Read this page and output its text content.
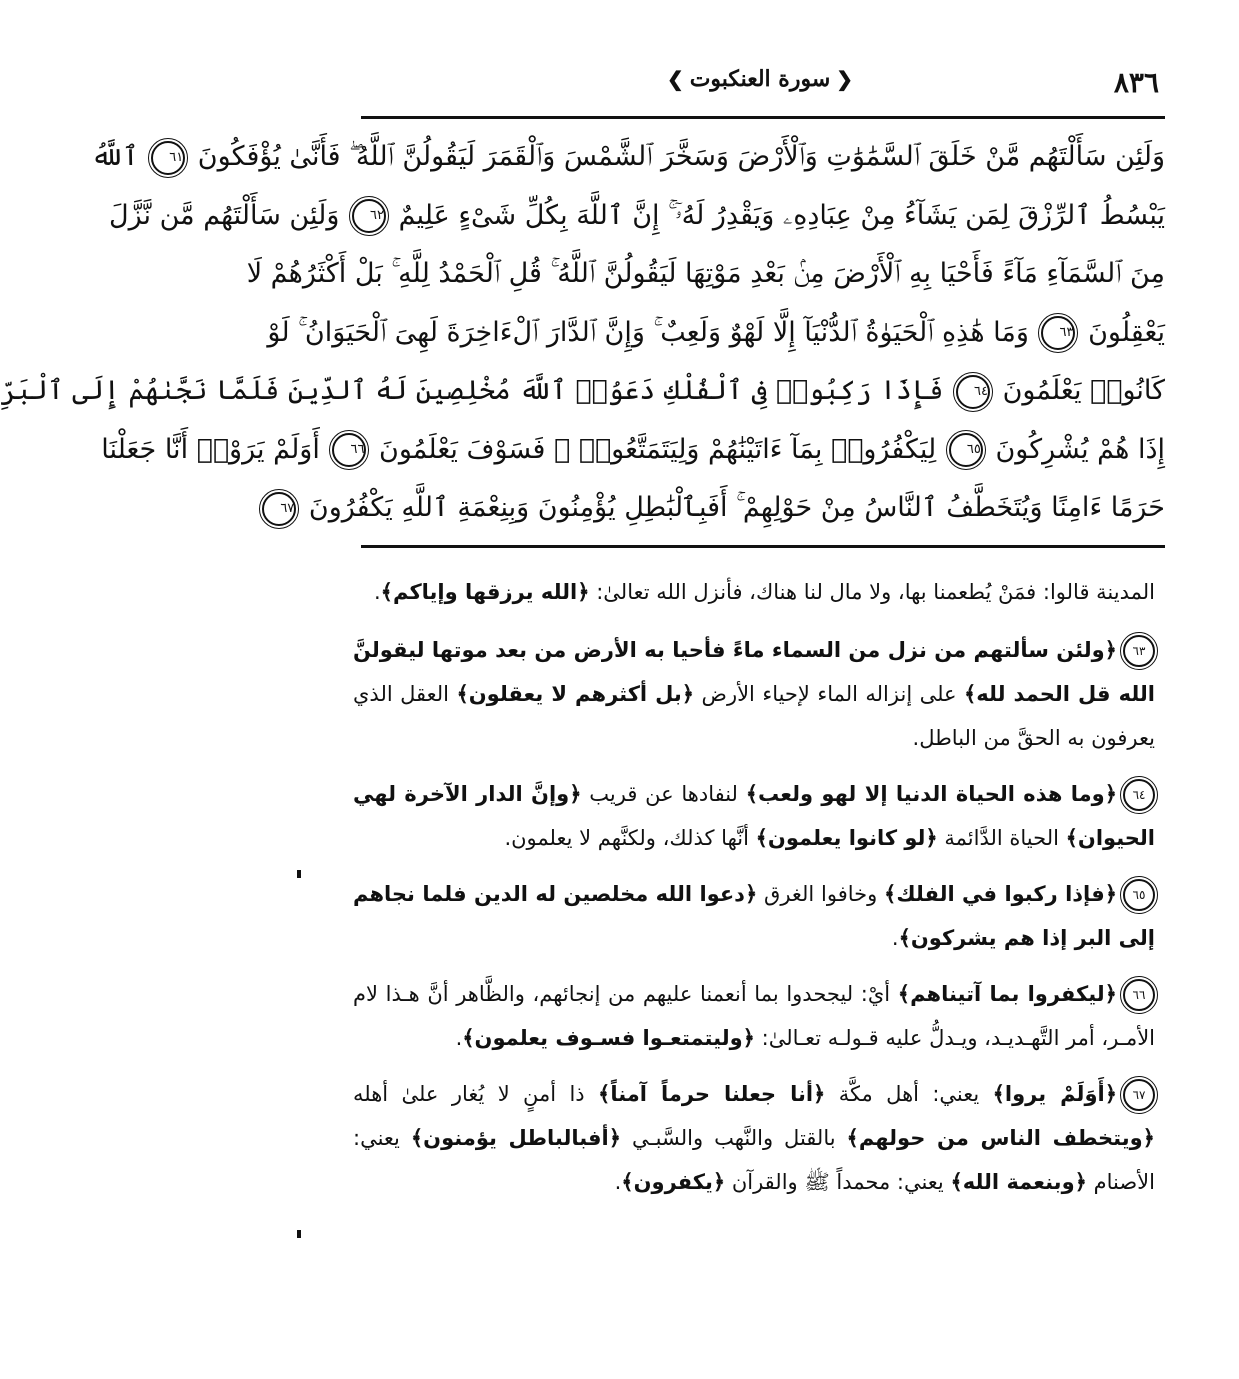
٨٣٦
❮سورة العنكبوت❯
وَلَئِن سَأَلْتَهُم مَّنْ خَلَقَ ٱلسَّمَٰوَٰتِ وَٱلْأَرْضَ وَسَخَّرَ ٱلشَّمْسَ وَٱلْقَمَرَ لَيَقُولُنَّ ٱللَّهُ ۖ فَأَنَّىٰ يُؤْفَكُونَ ٦١ ٱللَّهُ
يَبْسُطُ ٱلرِّزْقَ لِمَن يَشَآءُ مِنْ عِبَادِهِۦ وَيَقْدِرُ لَهُۥٓ ۚ إِنَّ ٱللَّهَ بِكُلِّ شَىْءٍ عَلِيمٌ ٦٢ وَلَئِن سَأَلْتَهُم مَّن نَّزَّلَ
مِنَ ٱلسَّمَآءِ مَآءً فَأَحْيَا بِهِ ٱلْأَرْضَ مِنۢ بَعْدِ مَوْتِهَا لَيَقُولُنَّ ٱللَّهُ ۚ قُلِ ٱلْحَمْدُ لِلَّهِ ۚ بَلْ أَكْثَرُهُمْ لَا
يَعْقِلُونَ ٦٣ وَمَا هَٰذِهِ ٱلْحَيَوٰةُ ٱلدُّنْيَآ إِلَّا لَهْوٌ وَلَعِبٌ ۚ وَإِنَّ ٱلدَّارَ ٱلْءَاخِرَةَ لَهِىَ ٱلْحَيَوَانُ ۚ لَوْ
كَانُوا۟ يَعْلَمُونَ ٦٤ فَإِذَا رَكِبُوا۟ فِى ٱلْفُلْكِ دَعَوُا۟ ٱللَّهَ مُخْلِصِينَ لَهُ ٱلدِّينَ فَلَمَّا نَجَّىٰهُمْ إِلَى ٱلْبَرِّ
إِذَا هُمْ يُشْرِكُونَ ٦٥ لِيَكْفُرُوا۟ بِمَآ ءَاتَيْنَٰهُمْ وَلِيَتَمَتَّعُوا۟ ۖ فَسَوْفَ يَعْلَمُونَ ٦٦ أَوَلَمْ يَرَوْا۟ أَنَّا جَعَلْنَا
حَرَمًا ءَامِنًا وَيُتَخَطَّفُ ٱلنَّاسُ مِنْ حَوْلِهِمْ ۚ أَفَبِٱلْبَٰطِلِ يُؤْمِنُونَ وَبِنِعْمَةِ ٱللَّهِ يَكْفُرُونَ ٦٧

المدينة قالوا: فمَنْ يُطعمنا بها، ولا مال لنا هناك، فأنزل الله تعالىٰ: ﴿الله يرزقها وإياكم﴾.

٦٣﴿ولئن سألتهم من نزل من السماء ماءً فأحيا به الأرض من بعد موتها ليقولنَّ الله قل الحمد لله﴾ على إنزاله الماء لإحياء الأرض ﴿بل أكثرهم لا يعقلون﴾ العقل الذي يعرفون به الحقَّ من الباطل.

٦٤﴿وما هذه الحياة الدنيا إلا لهو ولعب﴾ لنفادها عن قريب ﴿وإنَّ الدار الآخرة لهي الحيوان﴾ الحياة الدَّائمة ﴿لو كانوا يعلمون﴾ أنَّها كذلك، ولكنَّهم لا يعلمون.

٦٥﴿فإذا ركبوا في الفلك﴾ وخافوا الغرق ﴿دعوا الله مخلصين له الدين فلما نجاهم إلى البر إذا هم يشركون﴾.

٦٦﴿ليكفروا بما آتيناهم﴾ أيْ: ليجحدوا بما أنعمنا عليهم من إنجائهم، والظَّاهر أنَّ هـذا لام الأمـر، أمر التَّهـديـد، ويـدلُّ عليه قـولـه تعـالىٰ: ﴿وليتمتعـوا فسـوف يعلمون﴾.

٦٧﴿أَوَلَمْ يروا﴾ يعني: أهل مكَّة ﴿أنا جعلنا حرماً آمناً﴾ ذا أمنٍ لا يُغار علىٰ أهله ﴿ويتخطف الناس من حولهم﴾ بالقتل والنَّهب والسَّبـي ﴿أفبالباطل يؤمنون﴾ يعني: الأصنام ﴿وبنعمة الله﴾ يعني: محمداً ﷺ والقرآن ﴿يكفرون﴾.
